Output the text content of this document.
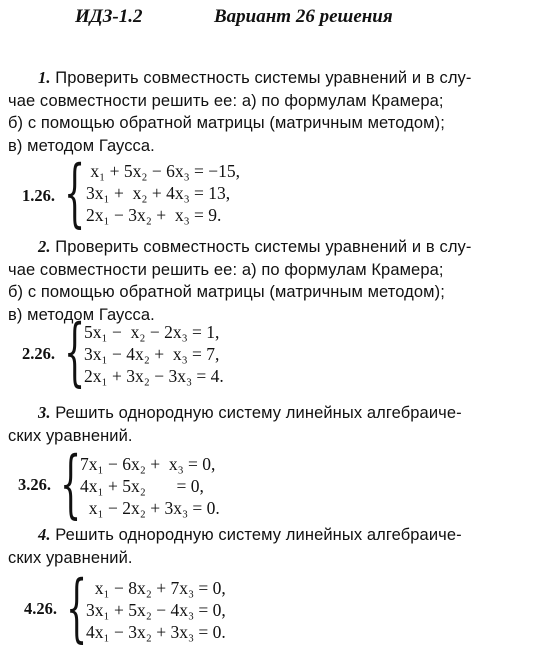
ИДЗ-1.2	Вариант 26 решения
1. Проверить совместность системы уравнений и в слу-
чае совместности решить ее: а) по формулам Крамера;
б) с помощью обратной матрицы (матричным методом);
в) методом Гаусса.
1.26. { x₁ + 5x₂ − 6x₃ = −15,
3x₁ +  x₂ + 4x₃ = 13,
2x₁ − 3x₂ +  x₃ = 9.
2. Проверить совместность системы уравнений и в слу-
чае совместности решить ее: а) по формулам Крамера;
б) с помощью обратной матрицы (матричным методом);
в) методом Гаусса.
2.26. {
5x₁ −  x₂ − 2x₃ = 1,
3x₁ − 4x₂ +  x₃ = 7,
2x₁ + 3x₂ − 3x₃ = 4.
3. Решить однородную систему линейных алгебраиче-
ских уравнений.
3.26. {
7x₁ − 6x₂ +  x₃ = 0,
4x₁ + 5x₂       = 0,
x₁ − 2x₂ + 3x₃ = 0.
4. Решить однородную систему линейных алгебраиче-
ских уравнений.
4.26. {
x₁ − 8x₂ + 7x₃ = 0,
3x₁ + 5x₂ − 4x₃ = 0,
4x₁ − 3x₂ + 3x₃ = 0.
